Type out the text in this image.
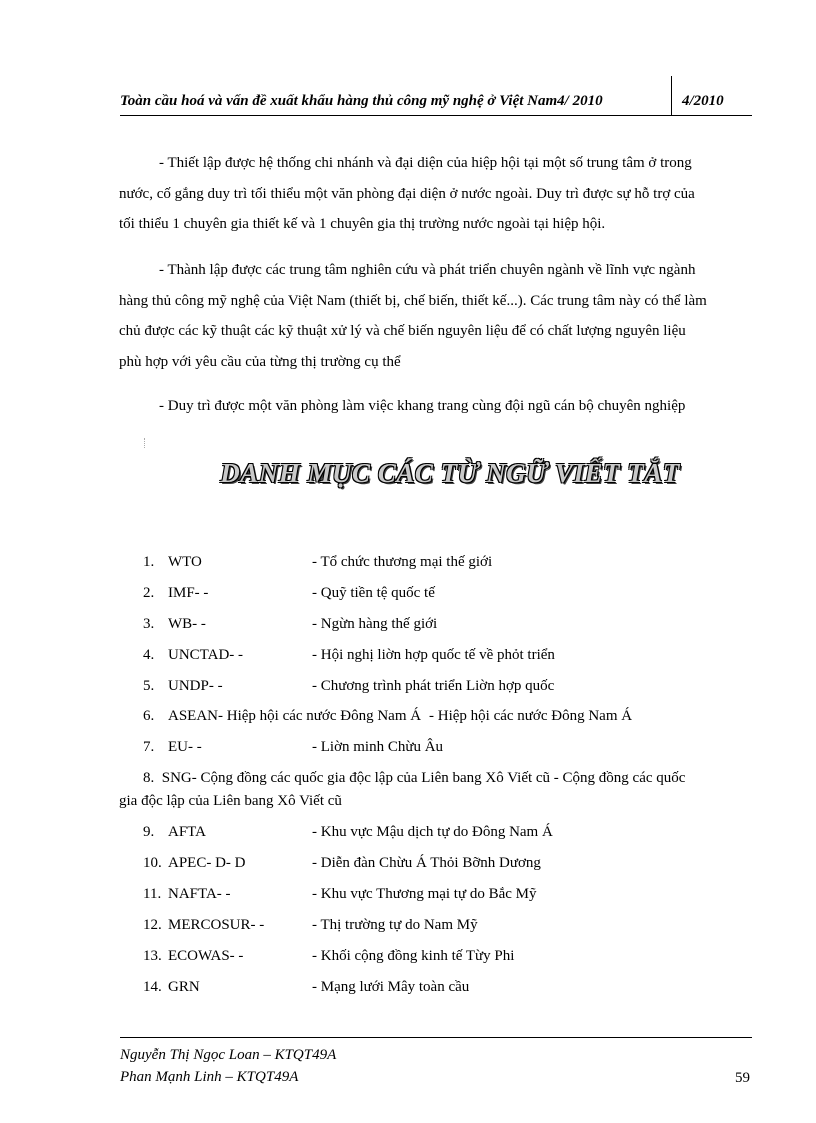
Toàn cầu hoá và vấn đề xuất khẩu hàng thủ công mỹ nghệ ở Việt Nam4/ 2010	4/2010
- Thiết lập được hệ thống chi nhánh và đại diện của hiệp hội tại một số trung tâm ở trong
nước, cố gắng duy trì tối thiểu một văn phòng đại diện ở nước ngoài. Duy trì được sự hỗ trợ của
tối thiểu 1 chuyên gia thiết kế và 1 chuyên gia thị trường nước ngoài tại hiệp hội.
- Thành lập được các trung tâm nghiên cứu và phát triển chuyên ngành về lĩnh vực ngành
hàng thủ công mỹ nghệ của Việt Nam (thiết bị, chế biến, thiết kế...). Các trung tâm này có thể làm
chủ được các kỹ thuật các kỹ thuật xử lý và chế biến nguyên liệu để có chất lượng nguyên liệu
phù hợp với yêu cầu của từng thị trường cụ thể
- Duy trì được một văn phòng làm việc khang trang cùng đội ngũ cán bộ chuyên nghiệp
DANH MỤC CÁC TỪ NGỮ VIẾT TẮT
1. WTO	- Tổ chức thương mại thế giới
2. IMF- -	- Quỹ tiền tệ quốc tế
3. WB- -	- Ngừn hàng thế giới
4. UNCTAD- -	- Hội nghị liờn hợp quốc tế về phỏt triển
5. UNDP- -	- Chương trình phát triển Liờn hợp quốc
6. ASEAN- Hiệp hội các nước Đông Nam Á - Hiệp hội các nước Đông Nam Á
7. EU- -	- Liờn minh Chừu Âu
8. SNG- Cộng đồng các quốc gia độc lập của Liên bang Xô Viết cũ - Cộng đồng các quốc
gia độc lập của Liên bang Xô Viết cũ
9. AFTA	- Khu vực Mậu dịch tự do Đông Nam Á
10. APEC- D- D	- Diễn đàn Chừu Á Thỏi Bỡnh Dương
11. NAFTA- -	- Khu vực Thương mại tự do Bắc Mỹ
12. MERCOSUR- -	- Thị trường tự do Nam Mỹ
13. ECOWAS- -	- Khối cộng đồng kinh tế Từy Phi
14. GRN	- Mạng lưới Mây toàn cầu
Nguyễn Thị Ngọc Loan – KTQT49A
Phan Mạnh Linh – KTQT49A	59
